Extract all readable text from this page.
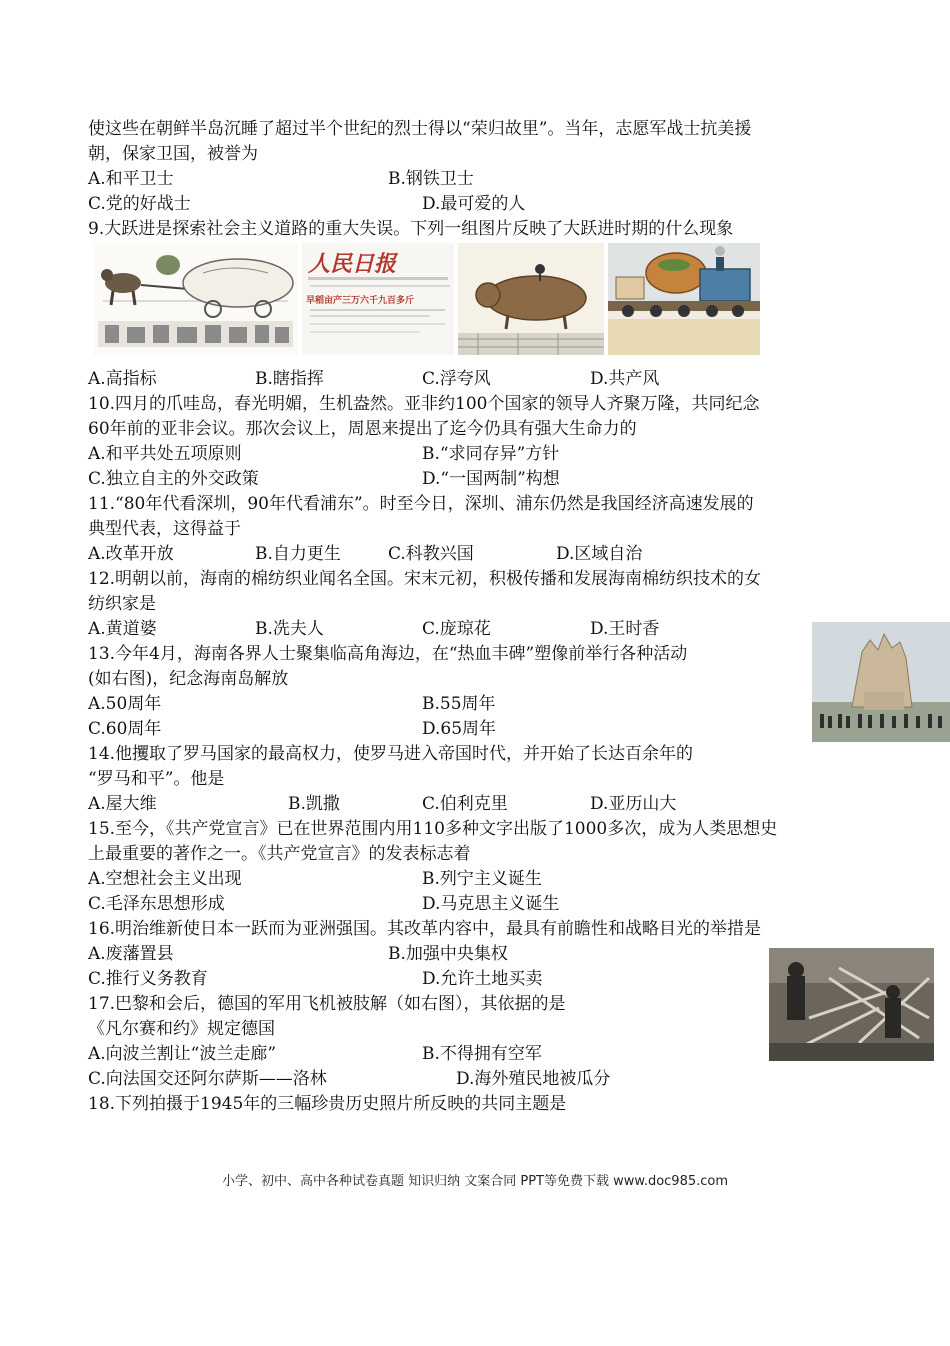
使这些在朝鲜半岛沉睡了超过半个世纪的烈士得以“荣归故里”。当年，志愿军战士抗美援
朝，保家卫国，被誉为
A.和平卫士	B.钢铁卫士
C.党的好战士	D.最可爱的人
9.大跃进是探索社会主义道路的重大失误。下列一组图片反映了大跃进时期的什么现象
人民日报
早稻亩产三万六千九百多斤
A.高指标	B.瞎指挥	C.浮夸风	D.共产风
10.四月的爪哇岛，春光明媚，生机盎然。亚非约100个国家的领导人齐聚万隆，共同纪念
60年前的亚非会议。那次会议上，周恩来提出了迄今仍具有强大生命力的
A.和平共处五项原则	B.“求同存异”方针
C.独立自主的外交政策	D.“一国两制”构想
11.“80年代看深圳，90年代看浦东”。时至今日，深圳、浦东仍然是我国经济高速发展的
典型代表，这得益于
A.改革开放	B.自力更生	C.科教兴国	D.区域自治
12.明朝以前，海南的棉纺织业闻名全国。宋末元初，积极传播和发展海南棉纺织技术的女
纺织家是
A.黄道婆	B.冼夫人	C.庞琼花	D.王时香
13.今年4月，海南各界人士聚集临高角海边，在“热血丰碑”塑像前举行各种活动
(如右图)，纪念海南岛解放
A.50周年	B.55周年
C.60周年	D.65周年
14.他攫取了罗马国家的最高权力，使罗马进入帝国时代，并开始了长达百余年的
“罗马和平”。他是
A.屋大维	B.凯撒	C.伯利克里	D.亚历山大
15.至今，《共产党宣言》已在世界范围内用110多种文字出版了1000多次，成为人类思想史
上最重要的著作之一。《共产党宣言》的发表标志着
A.空想社会主义出现	B.列宁主义诞生
C.毛泽东思想形成	D.马克思主义诞生
16.明治维新使日本一跃而为亚洲强国。其改革内容中，最具有前瞻性和战略目光的举措是
A.废藩置县	B.加强中央集权
C.推行义务教育	D.允许土地买卖
17.巴黎和会后，德国的军用飞机被肢解（如右图），其依据的是
《凡尔赛和约》规定德国
A.向波兰割让“波兰走廊”	B.不得拥有空军
C.向法国交还阿尔萨斯——洛林	D.海外殖民地被瓜分
18.下列拍摄于1945年的三幅珍贵历史照片所反映的共同主题是
小学、初中、高中各种试卷真题 知识归纳 文案合同 PPT等免费下载 www.doc985.com
